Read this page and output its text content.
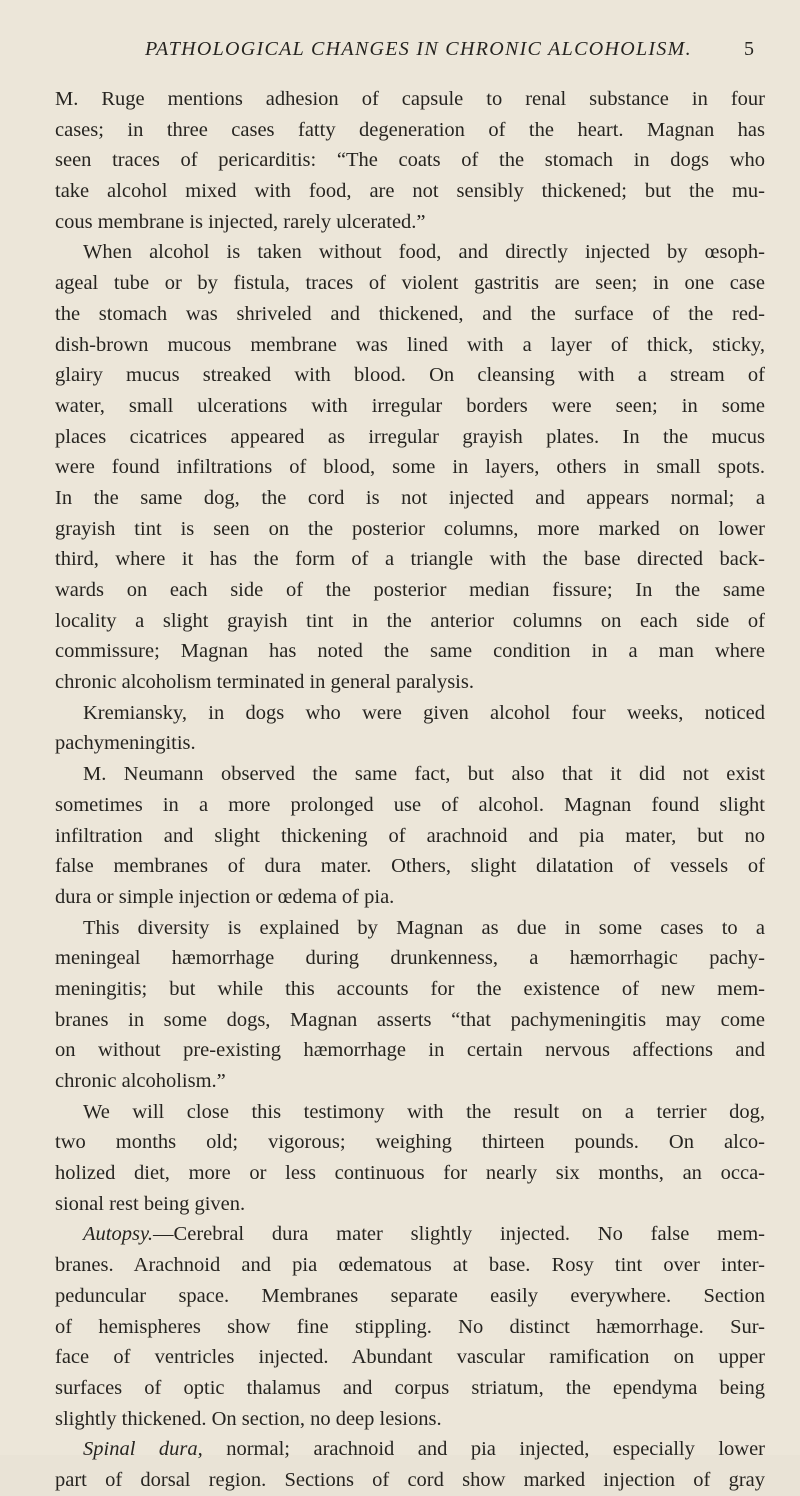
PATHOLOGICAL CHANGES IN CHRONIC ALCOHOLISM.	5
M. Ruge mentions adhesion of capsule to renal substance in four
cases; in three cases fatty degeneration of the heart. Magnan has
seen traces of pericarditis: “The coats of the stomach in dogs who
take alcohol mixed with food, are not sensibly thickened; but the mu-
cous membrane is injected, rarely ulcerated.”
When alcohol is taken without food, and directly injected by œsoph-
ageal tube or by fistula, traces of violent gastritis are seen; in one case
the stomach was shriveled and thickened, and the surface of the red-
dish-brown mucous membrane was lined with a layer of thick, sticky,
glairy mucus streaked with blood. On cleansing with a stream of
water, small ulcerations with irregular borders were seen; in some
places cicatrices appeared as irregular grayish plates. In the mucus
were found infiltrations of blood, some in layers, others in small spots.
In the same dog, the cord is not injected and appears normal; a
grayish tint is seen on the posterior columns, more marked on lower
third, where it has the form of a triangle with the base directed back-
wards on each side of the posterior median fissure; In the same
locality a slight grayish tint in the anterior columns on each side of
commissure; Magnan has noted the same condition in a man where
chronic alcoholism terminated in general paralysis.
Kremiansky, in dogs who were given alcohol four weeks, noticed
pachymeningitis.
M. Neumann observed the same fact, but also that it did not exist
sometimes in a more prolonged use of alcohol. Magnan found slight
infiltration and slight thickening of arachnoid and pia mater, but no
false membranes of dura mater. Others, slight dilatation of vessels of
dura or simple injection or œdema of pia.
This diversity is explained by Magnan as due in some cases to a
meningeal hæmorrhage during drunkenness, a hæmorrhagic pachy-
meningitis; but while this accounts for the existence of new mem-
branes in some dogs, Magnan asserts “that pachymeningitis may come
on without pre-existing hæmorrhage in certain nervous affections and
chronic alcoholism.”
We will close this testimony with the result on a terrier dog,
two months old; vigorous; weighing thirteen pounds. On alco-
holized diet, more or less continuous for nearly six months, an occa-
sional rest being given.
Autopsy.—Cerebral dura mater slightly injected. No false mem-
branes. Arachnoid and pia œdematous at base. Rosy tint over inter-
peduncular space. Membranes separate easily everywhere. Section
of hemispheres show fine stippling. No distinct hæmorrhage. Sur-
face of ventricles injected. Abundant vascular ramification on upper
surfaces of optic thalamus and corpus striatum, the ependyma being
slightly thickened. On section, no deep lesions.
Spinal dura, normal; arachnoid and pia injected, especially lower
part of dorsal region. Sections of cord show marked injection of gray
